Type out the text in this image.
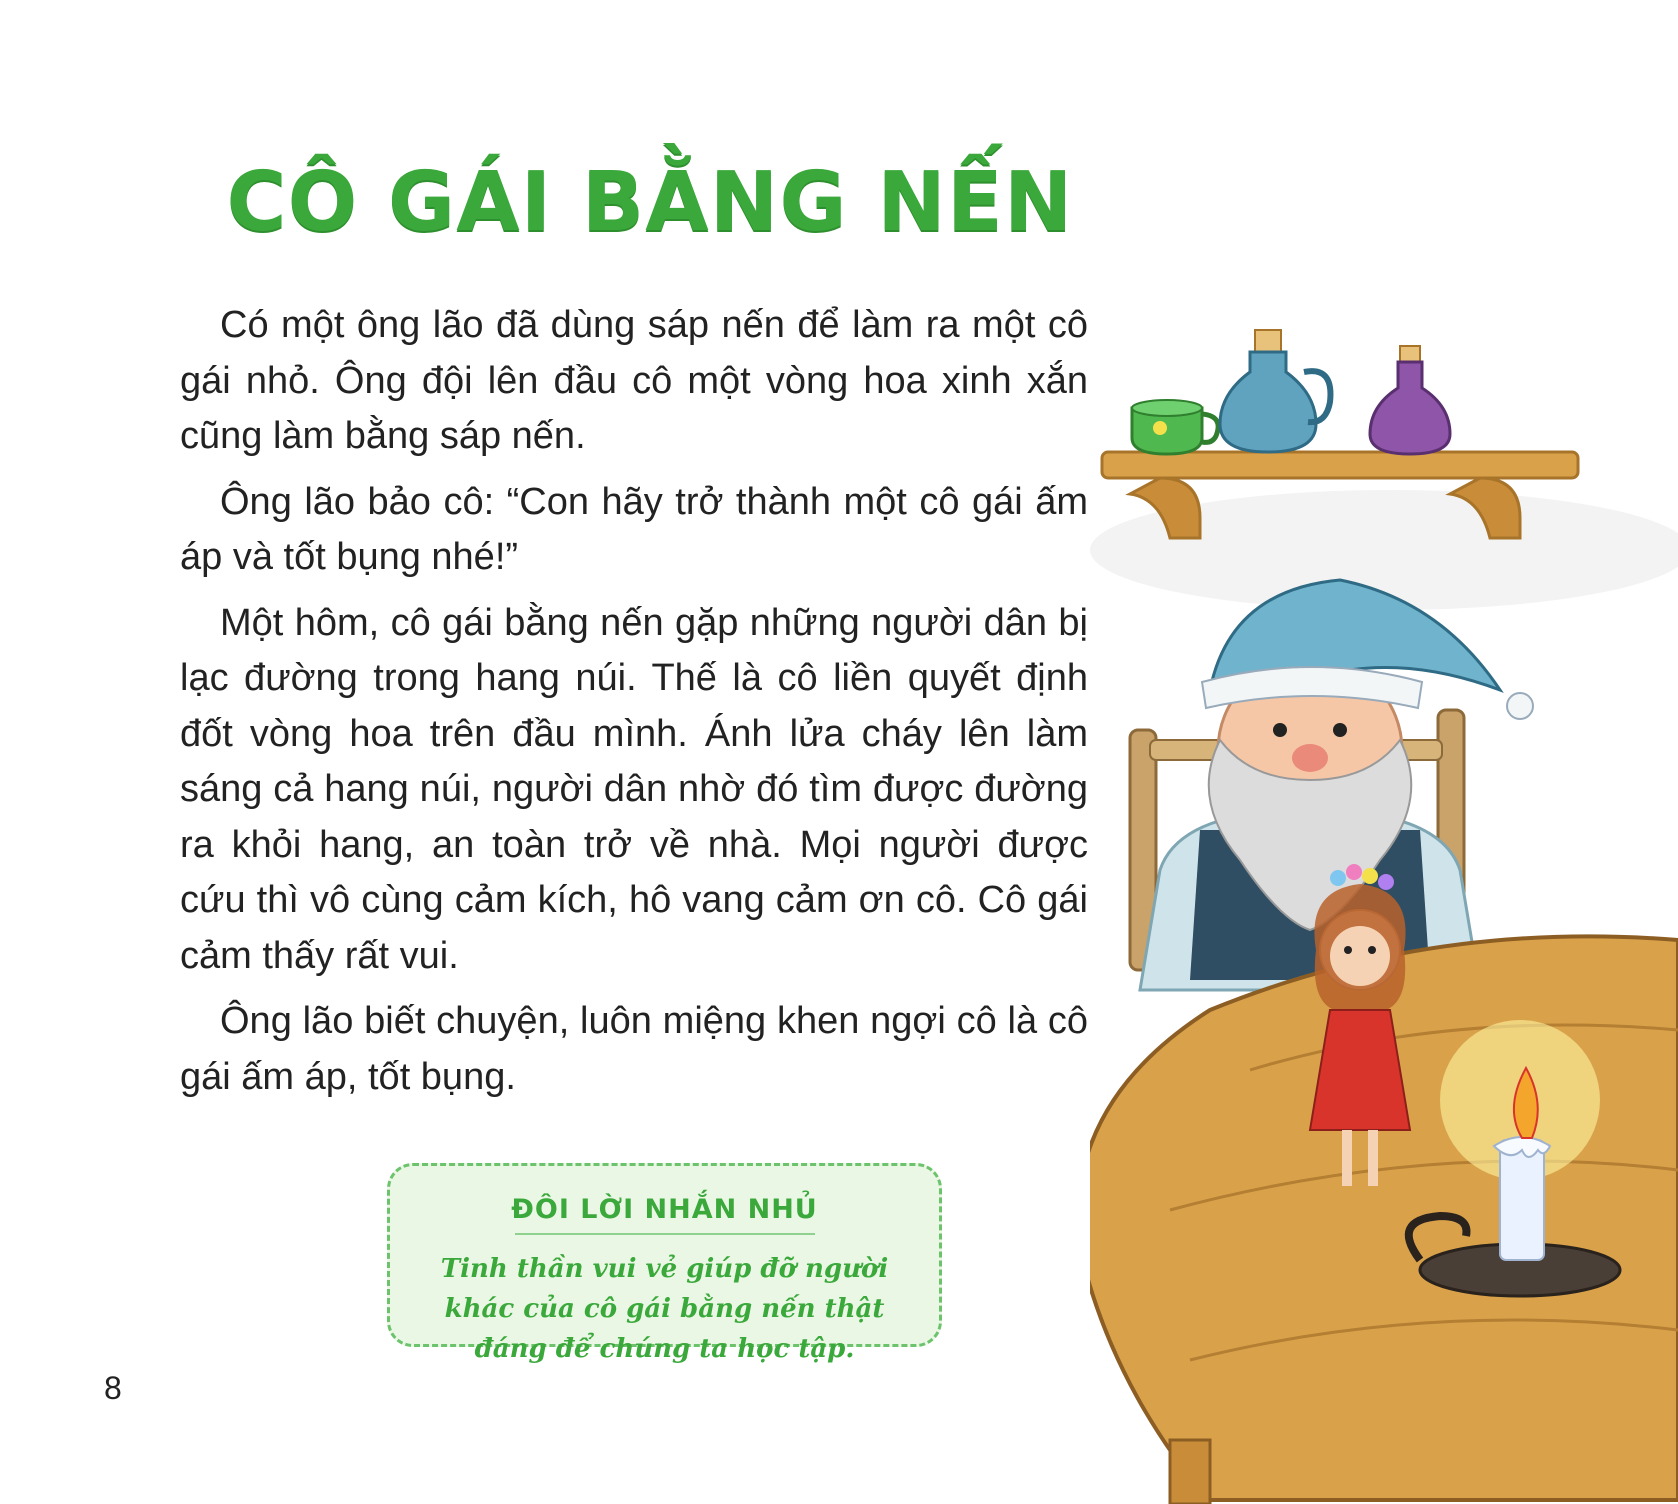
CÔ GÁI BẰNG NẾN

Có một ông lão đã dùng sáp nến để làm ra một cô gái nhỏ. Ông đội lên đầu cô một vòng hoa xinh xắn cũng làm bằng sáp nến.

Ông lão bảo cô: “Con hãy trở thành một cô gái ấm áp và tốt bụng nhé!”

Một hôm, cô gái bằng nến gặp những người dân bị lạc đường trong hang núi. Thế là cô liền quyết định đốt vòng hoa trên đầu mình. Ánh lửa cháy lên làm sáng cả hang núi, người dân nhờ đó tìm được đường ra khỏi hang, an toàn trở về nhà. Mọi người được cứu thì vô cùng cảm kích, hô vang cảm ơn cô. Cô gái cảm thấy rất vui.

Ông lão biết chuyện, luôn miệng khen ngợi cô là cô gái ấm áp, tốt bụng.

ĐÔI LỜI NHẮN NHỦ
Tinh thần vui vẻ giúp đỡ người khác của cô gái bằng nến thật đáng để chúng ta học tập.
8
